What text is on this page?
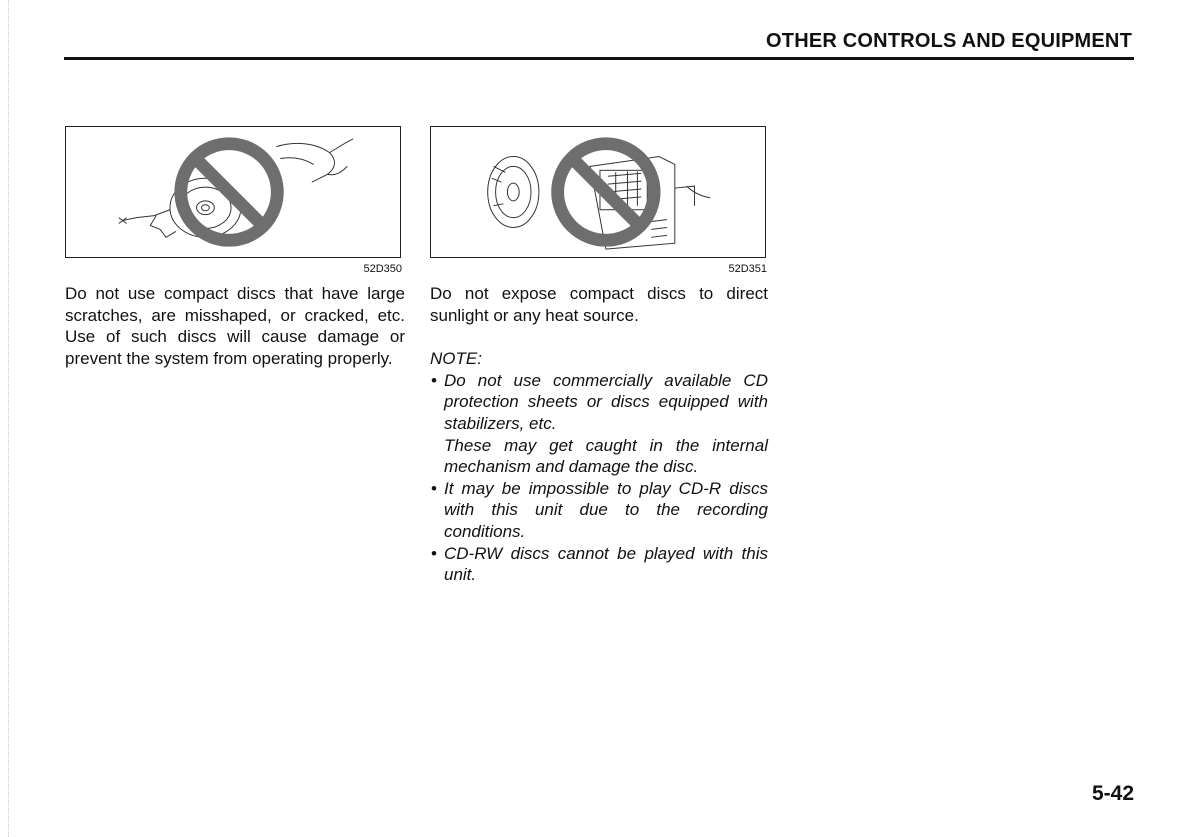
OTHER CONTROLS AND EQUIPMENT
52D350	52D351

Do not use compact discs that have large scratches, are misshaped, or cracked, etc. Use of such discs will cause damage or prevent the system from operating properly.

Do not expose compact discs to direct sunlight or any heat source.

NOTE:

• Do not use commercially available CD protection sheets or discs equipped with stabilizers, etc.
These may get caught in the internal mechanism and damage the disc.
• It may be impossible to play CD-R discs with this unit due to the recording conditions.
• CD-RW discs cannot be played with this unit.
5-42
